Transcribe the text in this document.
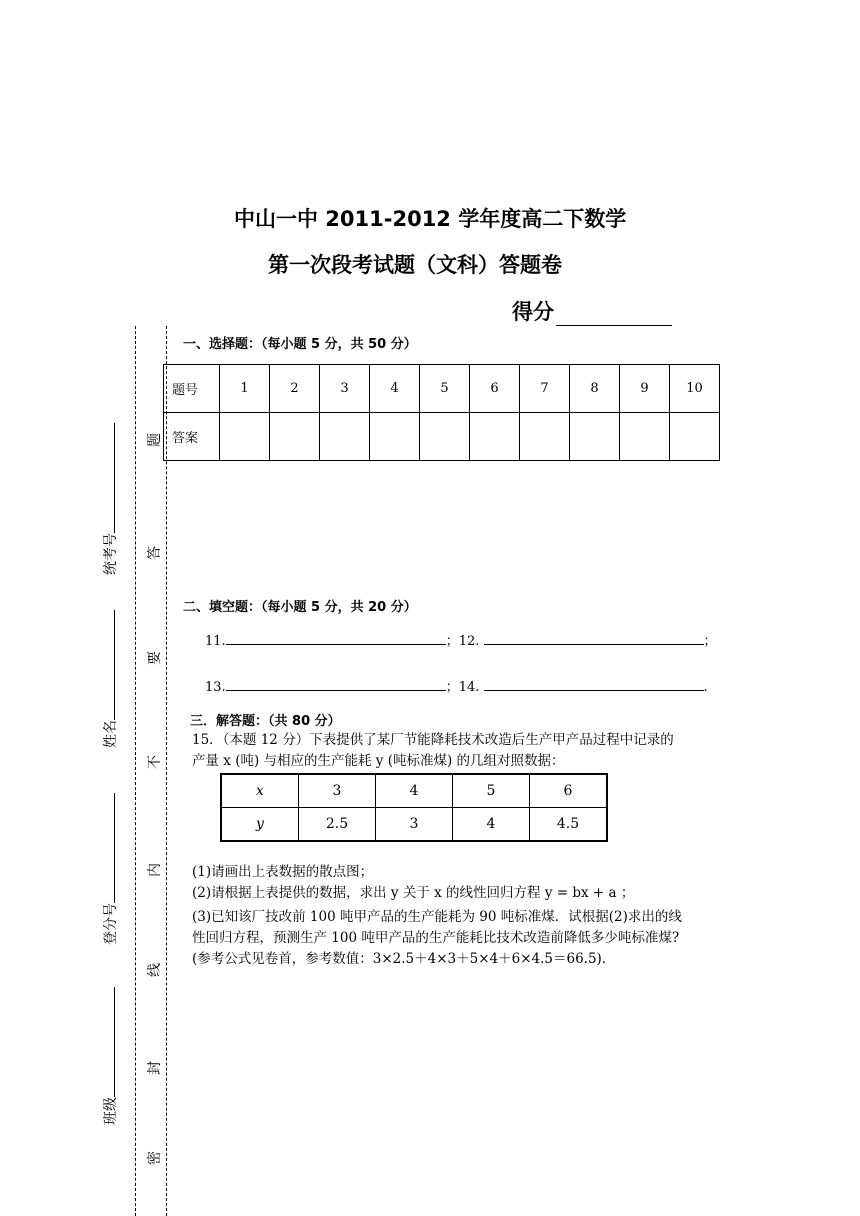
中山一中 2011-2012 学年度高二下数学
第一次段考试题（文科）答题卷
得分
班级
登分号
姓名
统考号
题
答
要
不
内
线
封
密
一、选择题：（每小题 5 分，共 50 分）
题号	1	2	3	4	5	6	7	8	9	10
答案										
二、填空题：（每小题 5 分，共 20 分）
11.	；12.	；
13.	；14.	.
三．解答题：（共 80 分）
15．（本题 12 分）下表提供了某厂节能降耗技术改造后生产甲产品过程中记录的
产量 x (吨) 与相应的生产能耗 y (吨标准煤) 的几组对照数据：
x	3	4	5	6
y	2.5	3	4	4.5
(1)请画出上表数据的散点图；
(2)请根据上表提供的数据，求出 y 关于 x 的线性回归方程 y = bx + a ；
(3)已知该厂技改前 100 吨甲产品的生产能耗为 90 吨标准煤．试根据(2)求出的线
性回归方程，预测生产 100 吨甲产品的生产能耗比技术改造前降低多少吨标准煤?
(参考公式见卷首，参考数值：3×2.5＋4×3＋5×4＋6×4.5＝66.5)．
